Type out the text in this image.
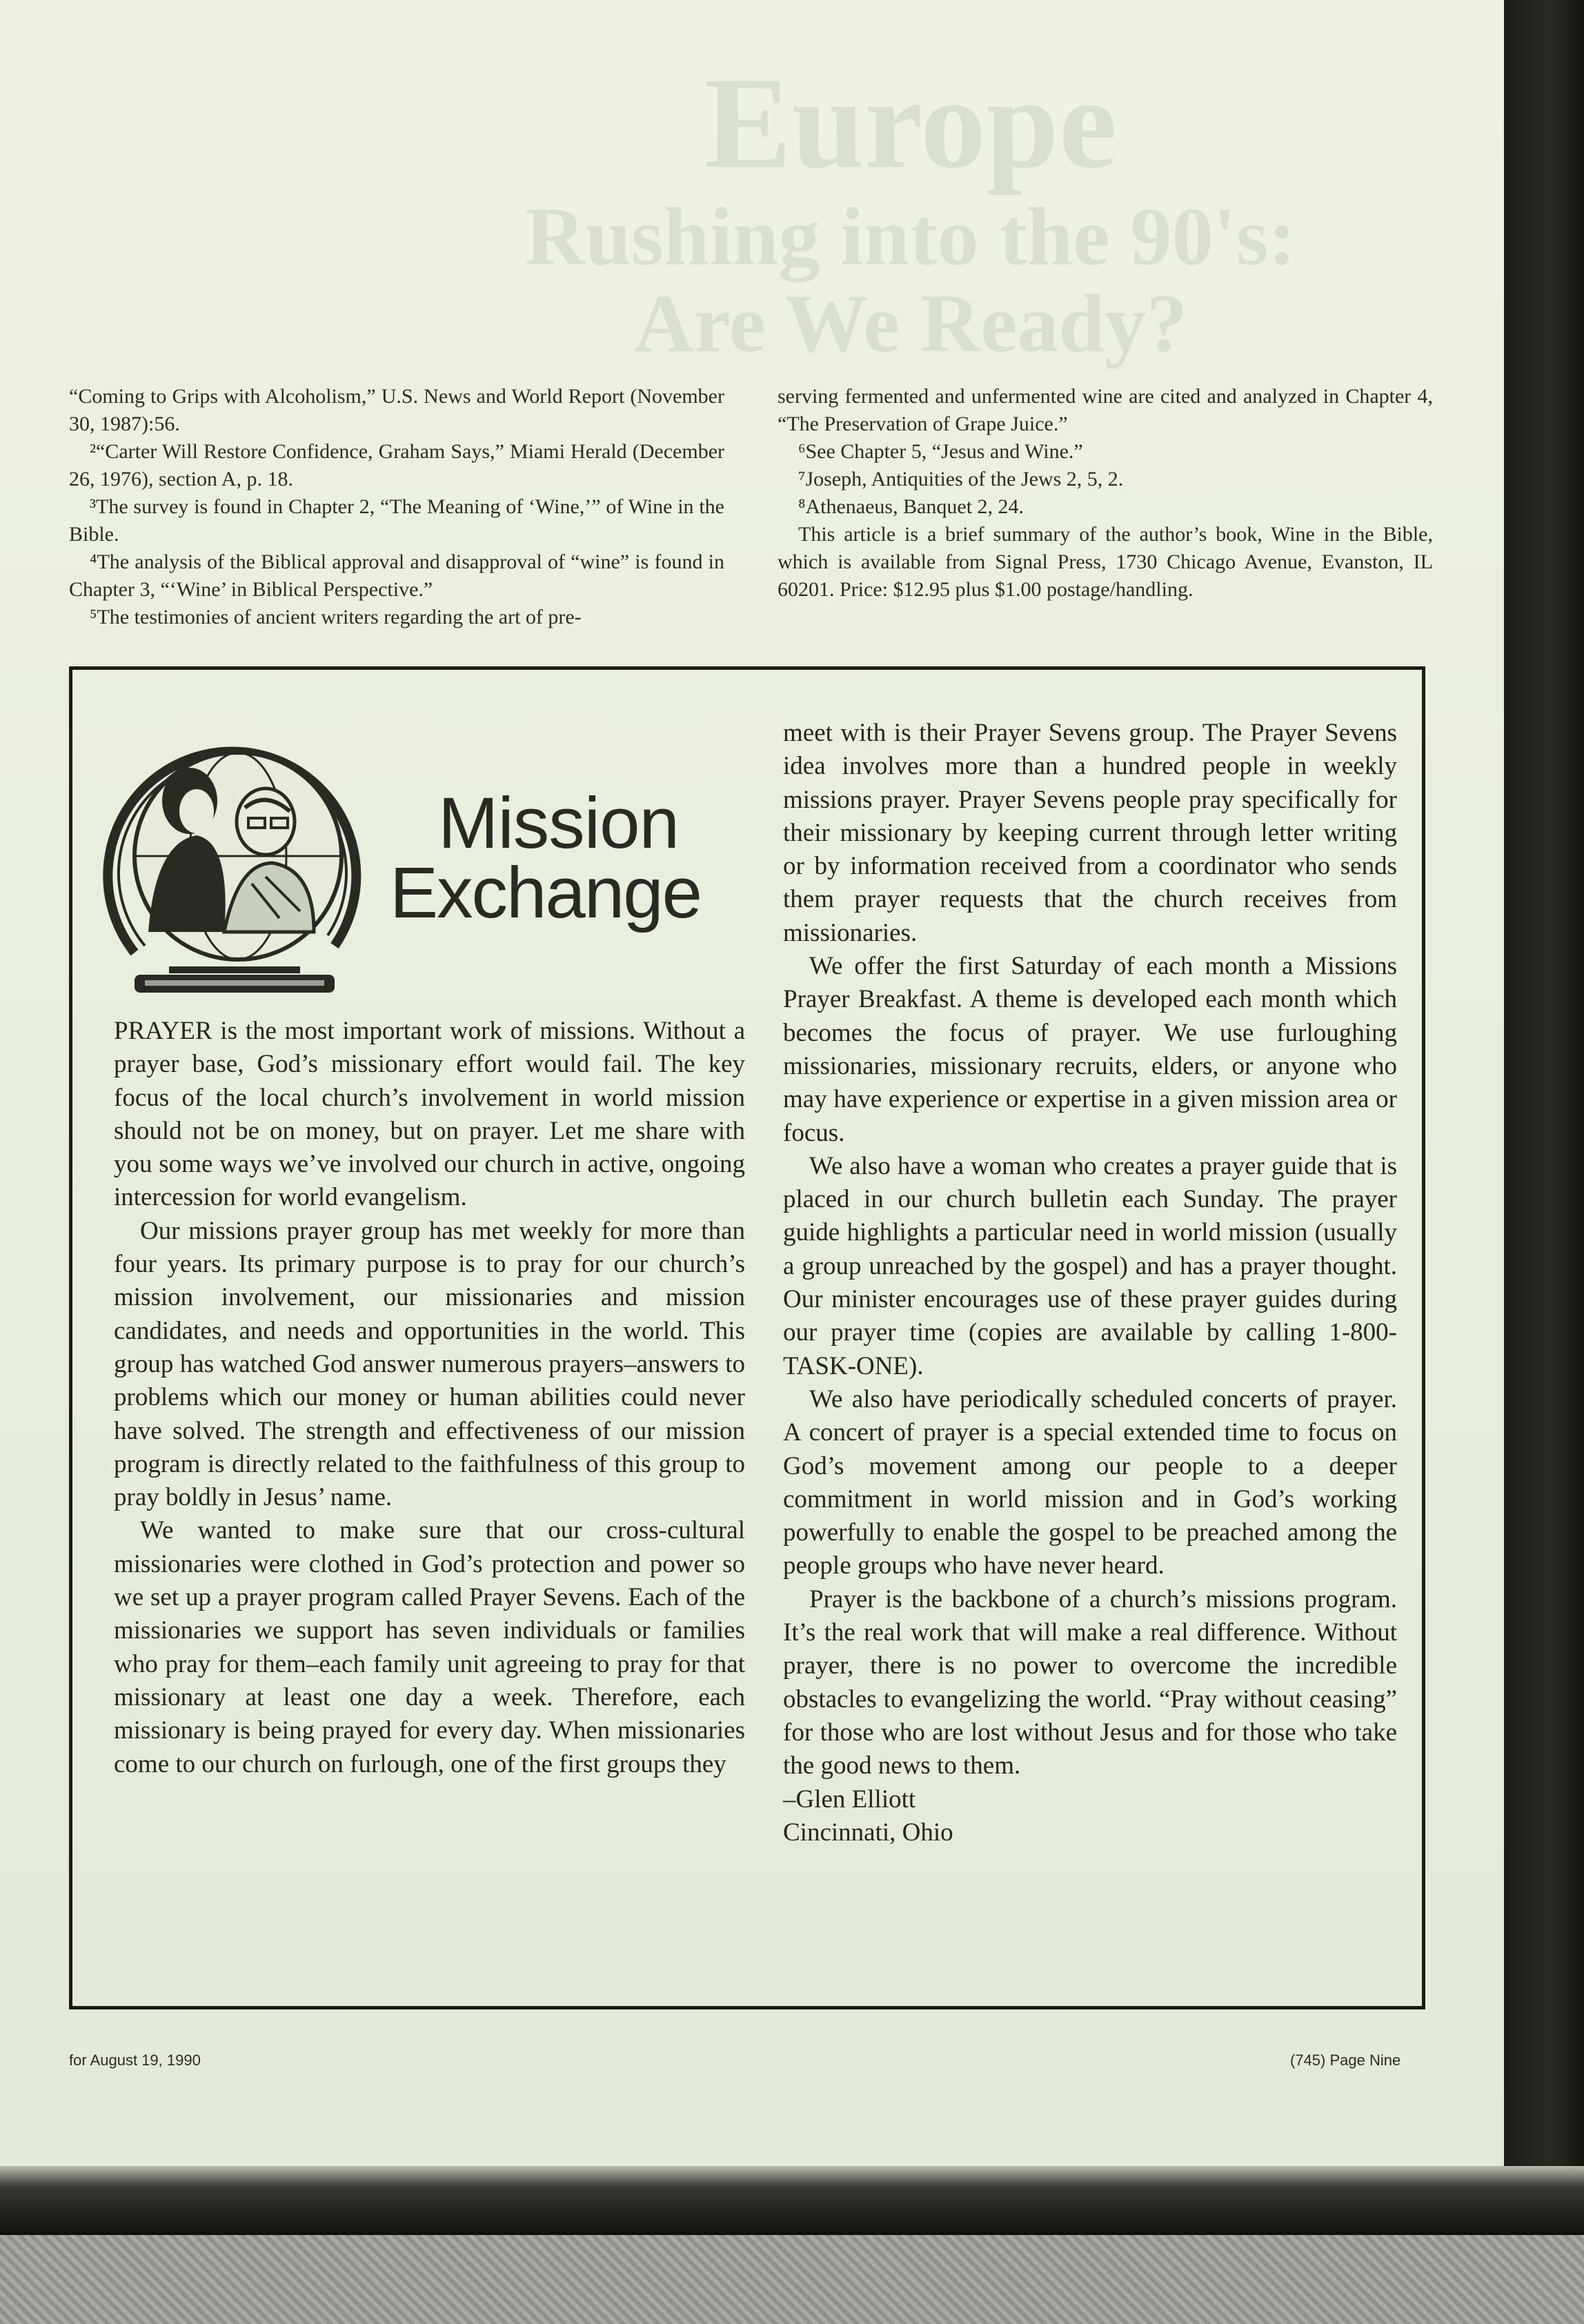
Europe
Rushing into the 90's:
Are We Ready?

“Coming to Grips with Alcoholism,” U.S. News and World Report (November 30, 1987):56.

²“Carter Will Restore Confidence, Graham Says,” Miami Herald (December 26, 1976), section A, p. 18.

³The survey is found in Chapter 2, “The Meaning of ‘Wine,’” of Wine in the Bible.

⁴The analysis of the Biblical approval and disapproval of “wine” is found in Chapter 3, “‘Wine’ in Biblical Perspective.”

⁵The testimonies of ancient writers regarding the art of pre-

serving fermented and unfermented wine are cited and analyzed in Chapter 4, “The Preservation of Grape Juice.”

⁶See Chapter 5, “Jesus and Wine.”

⁷Joseph, Antiquities of the Jews 2, 5, 2.

⁸Athenaeus, Banquet 2, 24.

This article is a brief summary of the author’s book, Wine in the Bible, which is available from Signal Press, 1730 Chicago Avenue, Evanston, IL 60201. Price: $12.95 plus $1.00 postage/handling.

Mission
Exchange

PRAYER is the most important work of missions. Without a prayer base, God’s missionary effort would fail. The key focus of the local church’s involvement in world mission should not be on money, but on prayer. Let me share with you some ways we’ve involved our church in active, ongoing intercession for world evangelism.

Our missions prayer group has met weekly for more than four years. Its primary purpose is to pray for our church’s mission involvement, our missionaries and mission candidates, and needs and opportunities in the world. This group has watched God answer numerous prayers–answers to problems which our money or human abilities could never have solved. The strength and effectiveness of our mission program is directly related to the faithfulness of this group to pray boldly in Jesus’ name.

We wanted to make sure that our cross-cultural missionaries were clothed in God’s protection and power so we set up a prayer program called Prayer Sevens. Each of the missionaries we support has seven individuals or families who pray for them–each family unit agreeing to pray for that missionary at least one day a week. Therefore, each missionary is being prayed for every day. When missionaries come to our church on furlough, one of the first groups they

meet with is their Prayer Sevens group. The Prayer Sevens idea involves more than a hundred people in weekly missions prayer. Prayer Sevens people pray specifically for their missionary by keeping current through letter writing or by information received from a coordinator who sends them prayer requests that the church receives from missionaries.

We offer the first Saturday of each month a Missions Prayer Breakfast. A theme is developed each month which becomes the focus of prayer. We use furloughing missionaries, missionary recruits, elders, or anyone who may have experience or expertise in a given mission area or focus.

We also have a woman who creates a prayer guide that is placed in our church bulletin each Sunday. The prayer guide highlights a particular need in world mission (usually a group unreached by the gospel) and has a prayer thought. Our minister encourages use of these prayer guides during our prayer time (copies are available by calling 1-800-TASK-ONE).

We also have periodically scheduled concerts of prayer. A concert of prayer is a special extended time to focus on God’s movement among our people to a deeper commitment in world mission and in God’s working powerfully to enable the gospel to be preached among the people groups who have never heard.

Prayer is the backbone of a church’s missions program. It’s the real work that will make a real difference. Without prayer, there is no power to overcome the incredible obstacles to evangelizing the world. “Pray without ceasing” for those who are lost without Jesus and for those who take the good news to them.

–Glen Elliott

Cincinnati, Ohio

for August 19, 1990	(745) Page Nine
